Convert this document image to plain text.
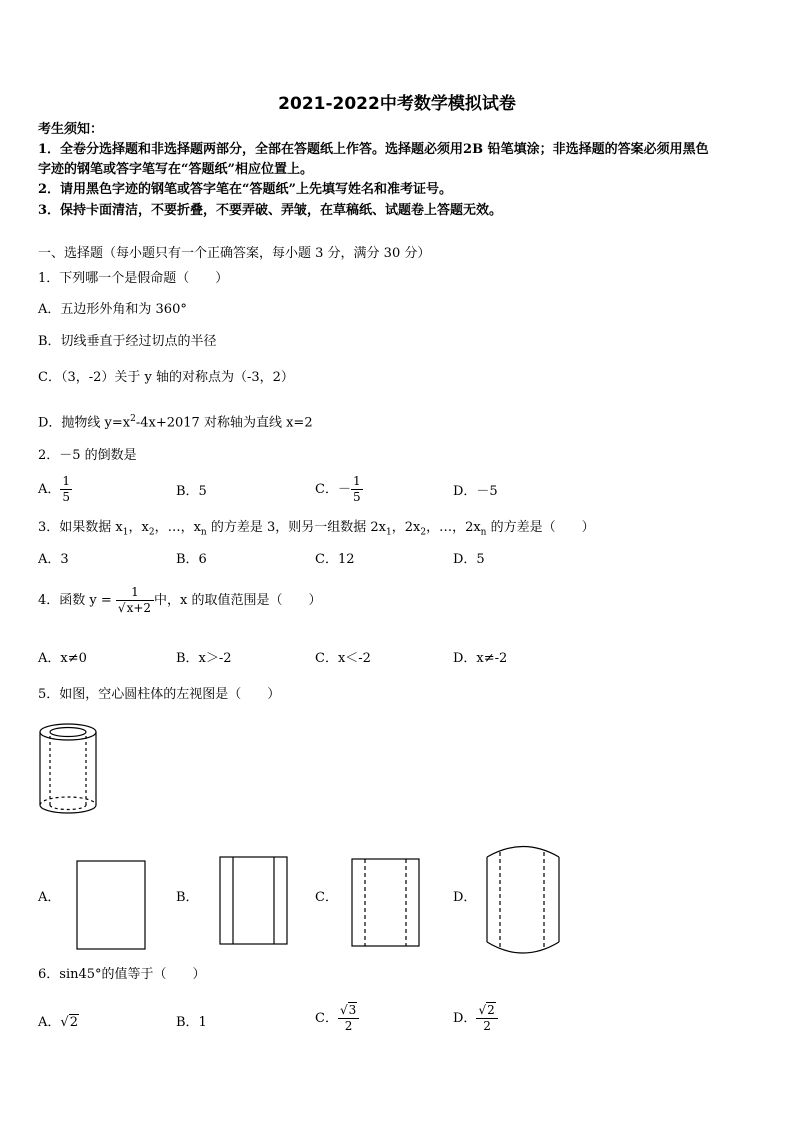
2021-2022中考数学模拟试卷
考生须知：
1．全卷分选择题和非选择题两部分，全部在答题纸上作答。选择题必须用2B 铅笔填涂；非选择题的答案必须用黑色
字迹的钢笔或答字笔写在“答题纸”相应位置上。
2．请用黑色字迹的钢笔或答字笔在“答题纸”上先填写姓名和准考证号。
3．保持卡面清洁，不要折叠，不要弄破、弄皱，在草稿纸、试题卷上答题无效。
一、选择题（每小题只有一个正确答案，每小题 3 分，满分 30 分）
1．下列哪一个是假命题（　　）
A．五边形外角和为 360°
B．切线垂直于经过切点的半径
C．（3，-2）关于 y 轴的对称点为（-3，2）
D．抛物线 $y=x^2-4x+2017$ 对称轴为直线 x=2
2．－5 的倒数是
A． $\frac{1}{5}$	B．5	C．－ $\frac{1}{5}$	D．－5
3．如果数据 $x_1$，$x_2$，…，$x_n$ 的方差是 3，则另一组数据 $2x_1$，$2x_2$，…，$2x_n$ 的方差是（　　）
A．3	B．6	C．12	D．5
4．函数 $y = \frac{1}{√x+2}$ 中，x 的取值范围是（　　）
A．x≠0	B．x＞-2	C．x＜-2	D．x≠-2
5．如图，空心圆柱体的左视图是（　　）
A．	B．	C．	D．
6．sin45°的值等于（　　）
A．√2	B．1	C． $\frac{√3}{2}$	D． $\frac{√2}{2}$
